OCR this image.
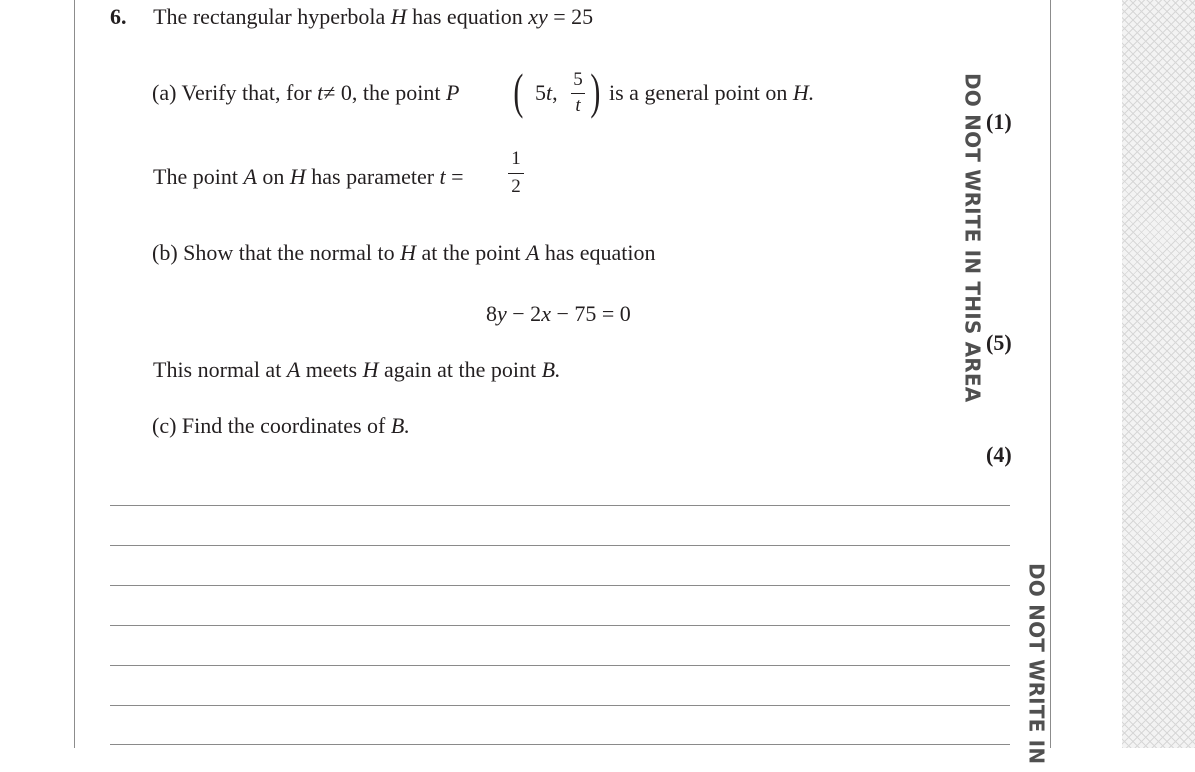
DO NOT WRITE IN THIS AREA
DO NOT WRITE IN
6. The rectangular hyperbola H has equation xy = 25
(a) Verify that, for t≠ 0, the point P ( 5t,
5
t ) is a general point on H.
(1)
The point A on H has parameter t =
1
2
(b) Show that the normal to H at the point A has equation
8y − 2x − 75 = 0
(5)
This normal at A meets H again at the point B.
(c) Find the coordinates of B.
(4)
